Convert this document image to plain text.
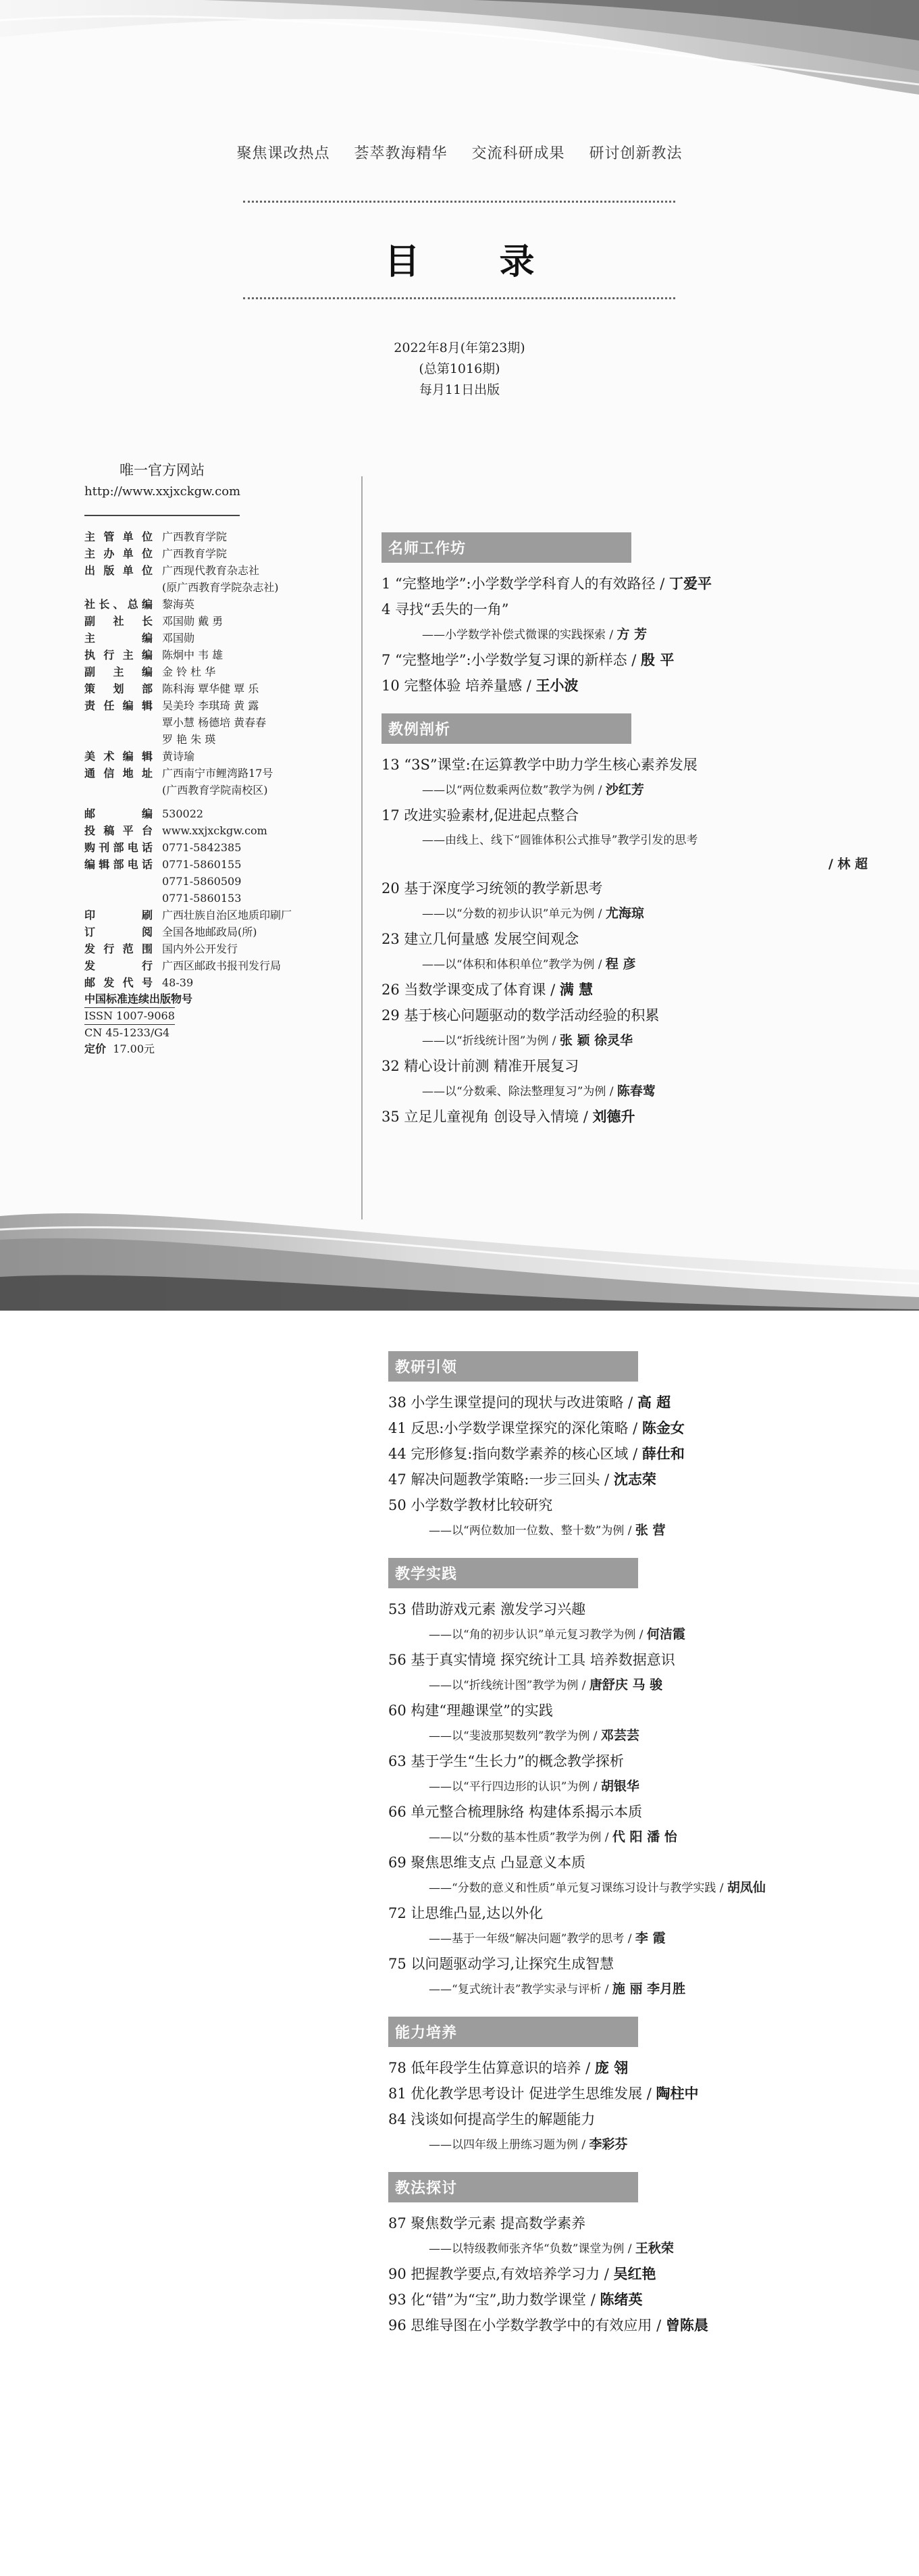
聚焦课改热点 荟萃教海精华 交流科研成果 研讨创新教法
目 录
2022年8月(年第23期)
(总第1016期)
每月11日出版
唯一官方网站
http://www.xxjxckgw.com
主管单位 广西教育学院
主办单位 广西教育学院
出版单位 广西现代教育杂志社
(原广西教育学院杂志社)
社长、总编 黎海英
副社长 邓国勋 戴 勇
主编 邓国勋
执行主编 陈炯中 韦 雄
副主编 金 铃 杜 华
策划部 陈科海 覃华健 覃 乐
责任编辑 吴美玲 李琪琦 黄 露
覃小慧 杨德培 黄春春
罗 艳 朱 瑛
美术编辑 黄诗瑜
通信地址 广西南宁市鲤湾路17号
(广西教育学院南校区)
邮编 530022
投稿平台 www.xxjxckgw.com
购刊部电话 0771-5842385
编辑部电话 0771-5860155
0771-5860509
0771-5860153
印刷 广西壮族自治区地质印刷厂
订阅 全国各地邮政局(所)
发行范围 国内外公开发行
发行 广西区邮政书报刊发行局
邮发代号 48-39
中国标准连续出版物号
ISSN 1007-9068
CN 45-1233/G4
定价 17.00元
名师工作坊
1 “完整地学”:小学数学学科育人的有效路径 / 丁爱平
4 寻找“丢失的一角”
——小学数学补偿式微课的实践探索 / 方 芳
7 “完整地学”:小学数学复习课的新样态 / 殷 平
10 完整体验 培养量感 / 王小波
教例剖析
13 “3S”课堂:在运算教学中助力学生核心素养发展
——以“两位数乘两位数”教学为例 / 沙红芳
17 改进实验素材,促进起点整合
——由线上、线下“圆锥体积公式推导”教学引发的思考
/ 林 超
20 基于深度学习统领的教学新思考
——以“分数的初步认识”单元为例 / 尤海琼
23 建立几何量感 发展空间观念
——以“体积和体积单位”教学为例 / 程 彦
26 当数学课变成了体育课 / 满 慧
29 基于核心问题驱动的数学活动经验的积累
——以“折线统计图”为例 / 张 颖 徐灵华
32 精心设计前测 精准开展复习
——以“分数乘、除法整理复习”为例 / 陈春莺
35 立足儿童视角 创设导入情境 / 刘德升
教研引领
38 小学生课堂提问的现状与改进策略 / 高 超
41 反思:小学数学课堂探究的深化策略 / 陈金女
44 完形修复:指向数学素养的核心区域 / 薛仕和
47 解决问题教学策略:一步三回头 / 沈志荣
50 小学数学教材比较研究
——以“两位数加一位数、整十数”为例 / 张 营
教学实践
53 借助游戏元素 激发学习兴趣
——以“角的初步认识”单元复习教学为例 / 何洁霞
56 基于真实情境 探究统计工具 培养数据意识
——以“折线统计图”教学为例 / 唐舒庆 马 骏
60 构建“理趣课堂”的实践
——以“斐波那契数列”教学为例 / 邓芸芸
63 基于学生“生长力”的概念教学探析
——以“平行四边形的认识”为例 / 胡银华
66 单元整合梳理脉络 构建体系揭示本质
——以“分数的基本性质”教学为例 / 代 阳 潘 怡
69 聚焦思维支点 凸显意义本质
——“分数的意义和性质”单元复习课练习设计与教学实践 / 胡凤仙
72 让思维凸显,达以外化
——基于一年级“解决问题”教学的思考 / 李 霞
75 以问题驱动学习,让探究生成智慧
——“复式统计表”教学实录与评析 / 施 丽 李月胜
能力培养
78 低年段学生估算意识的培养 / 庞 翎
81 优化教学思考设计 促进学生思维发展 / 陶柱中
84 浅谈如何提高学生的解题能力
——以四年级上册练习题为例 / 李彩芬
教法探讨
87 聚焦数学元素 提高数学素养
——以特级教师张齐华“负数”课堂为例 / 王秋荣
90 把握教学要点,有效培养学习力 / 吴红艳
93 化“错”为“宝”,助力数学课堂 / 陈绪英
96 思维导图在小学数学教学中的有效应用 / 曾陈晨
